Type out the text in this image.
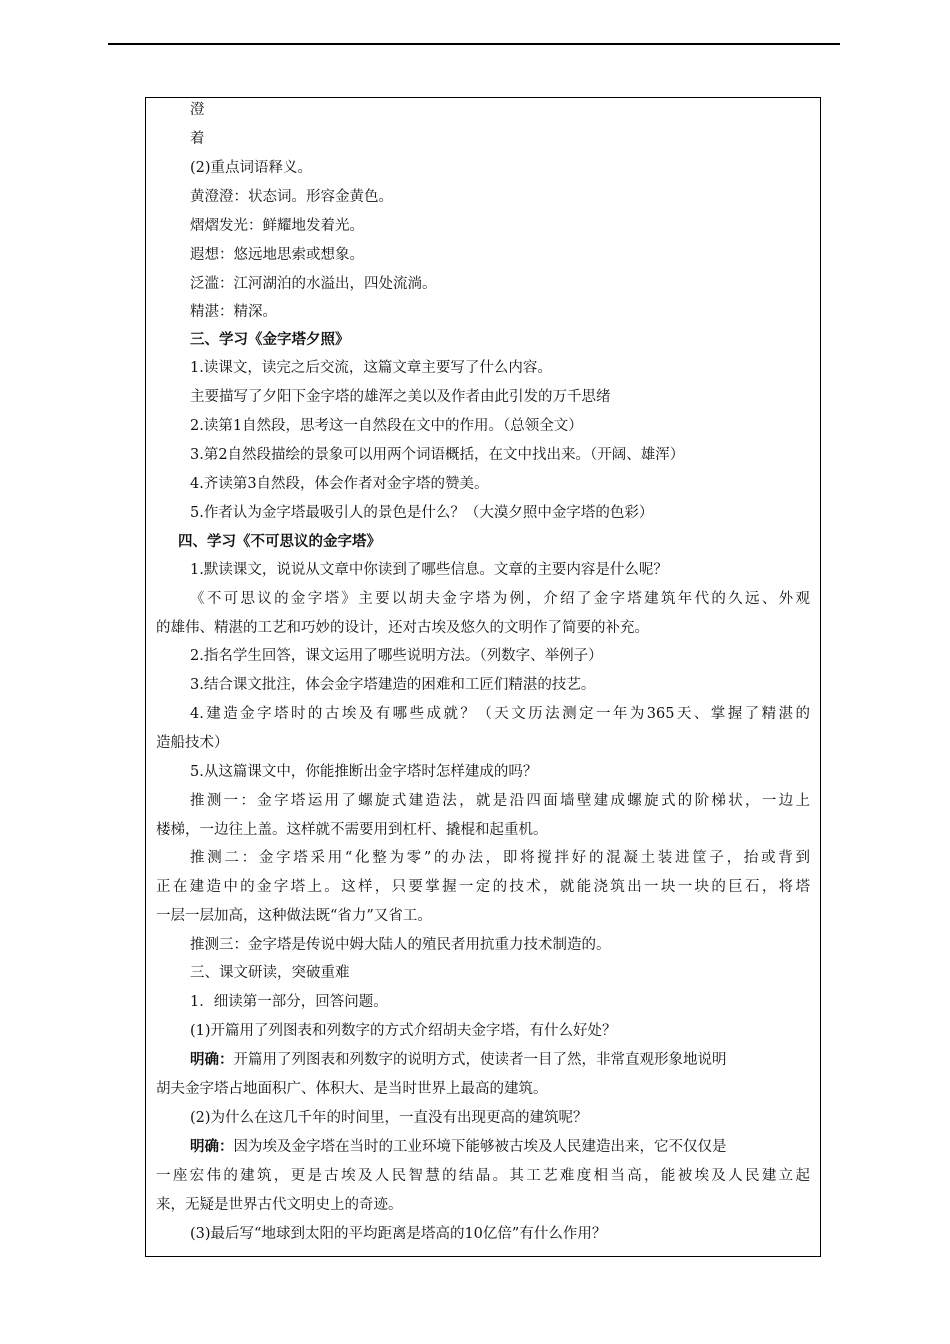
澄
着
(2)重点词语释义。
黄澄澄：状态词。形容金黄色。
熠熠发光：鲜耀地发着光。
遐想：悠远地思索或想象。
泛滥：江河湖泊的水溢出，四处流淌。
精湛：精深。
三、学习《金字塔夕照》
1.读课文，读完之后交流，这篇文章主要写了什么内容。
主要描写了夕阳下金字塔的雄浑之美以及作者由此引发的万千思绪
2.读第1自然段，思考这一自然段在文中的作用。（总领全文）
3.第2自然段描绘的景象可以用两个词语概括，在文中找出来。（开阔、雄浑）
4.齐读第3自然段，体会作者对金字塔的赞美。
5.作者认为金字塔最吸引人的景色是什么？（大漠夕照中金字塔的色彩）
四、学习《不可思议的金字塔》
1.默读课文，说说从文章中你读到了哪些信息。文章的主要内容是什么呢？
《不可思议的金字塔》主要以胡夫金字塔为例，介绍了金字塔建筑年代的久远、外观
的雄伟、精湛的工艺和巧妙的设计，还对古埃及悠久的文明作了简要的补充。
2.指名学生回答，课文运用了哪些说明方法。（列数字、举例子）
3.结合课文批注，体会金字塔建造的困难和工匠们精湛的技艺。
4.建造金字塔时的古埃及有哪些成就？（天文历法测定一年为365天、掌握了精湛的
造船技术）
5.从这篇课文中，你能推断出金字塔时怎样建成的吗？
推测一：金字塔运用了螺旋式建造法，就是沿四面墙壁建成螺旋式的阶梯状，一边上
楼梯，一边往上盖。这样就不需要用到杠杆、撬棍和起重机。
推测二：金字塔采用“化整为零”的办法，即将搅拌好的混凝土装进筐子，抬或背到
正在建造中的金字塔上。这样，只要掌握一定的技术，就能浇筑出一块一块的巨石，将塔
一层一层加高，这种做法既“省力”又省工。
推测三：金字塔是传说中姆大陆人的殖民者用抗重力技术制造的。
三、课文研读，突破重难
1．细读第一部分，回答问题。
(1)开篇用了列图表和列数字的方式介绍胡夫金字塔，有什么好处？
明确：开篇用了列图表和列数字的说明方式，使读者一目了然，非常直观形象地说明
胡夫金字塔占地面积广、体积大、是当时世界上最高的建筑。
(2)为什么在这几千年的时间里，一直没有出现更高的建筑呢？
明确：因为埃及金字塔在当时的工业环境下能够被古埃及人民建造出来，它不仅仅是
一座宏伟的建筑，更是古埃及人民智慧的结晶。其工艺难度相当高，能被埃及人民建立起
来，无疑是世界古代文明史上的奇迹。
(3)最后写“地球到太阳的平均距离是塔高的10亿倍”有什么作用？
